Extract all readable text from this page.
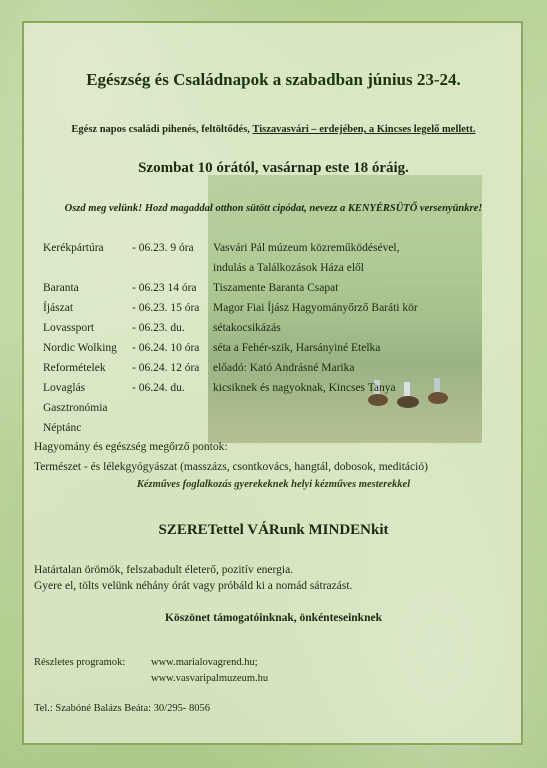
Egészség és Családnapok a szabadban június 23-24.
Egész napos családi pihenés, feltöltődés, Tiszavasvári – erdejében, a Kincses legelő mellett.
Szombat 10 órától, vasárnap este 18 óráig.
Oszd meg velünk! Hozd magaddal otthon sütött cipódat, nevezz a KENYÉRSÜTŐ versenyünkre!
Kerékpártúra - 06.23. 9 óra Vasvári Pál múzeum közreműködésével,
indulás a Találkozások Háza elől
Baranta	- 06.23 14 óra Tiszamente Baranta Csapat
Íjászat	- 06.23. 15 óra Magor Fiai Íjász Hagyományőrző Baráti kör
Lovassport	- 06.23. du. sétakocsikázás
Nordic Wolking - 06.24. 10 óra séta a Fehér-szik, Harsányiné Etelka
Reformételek - 06.24. 12 óra előadó: Kató Andrásné Marika
Lovaglás	- 06.24. du. kicsiknek és nagyoknak, Kincses Tanya
Gasztronómia
Néptánc
Hagyomány és egészség megőrző pontok:
Természet - és lélekgyógyászat (masszázs, csontkovács, hangtál, dobosok, meditáció)
Kézműves foglalkozás gyerekeknek helyi kézműves mesterekkel
SZERETettel VÁRunk MINDENkit
Határtalan örömök, felszabadult életerő, pozitív energia.
Gyere el, tölts velünk néhány órát vagy próbáld ki a nomád sátrazást.
Köszönet támogatóinknak, önkénteseinknek
Részletes programok: www.marialovagrend.hu;
www.vasvaripalmuzeum.hu
Tel.: Szabóné Balázs Beáta: 30/295- 8056
